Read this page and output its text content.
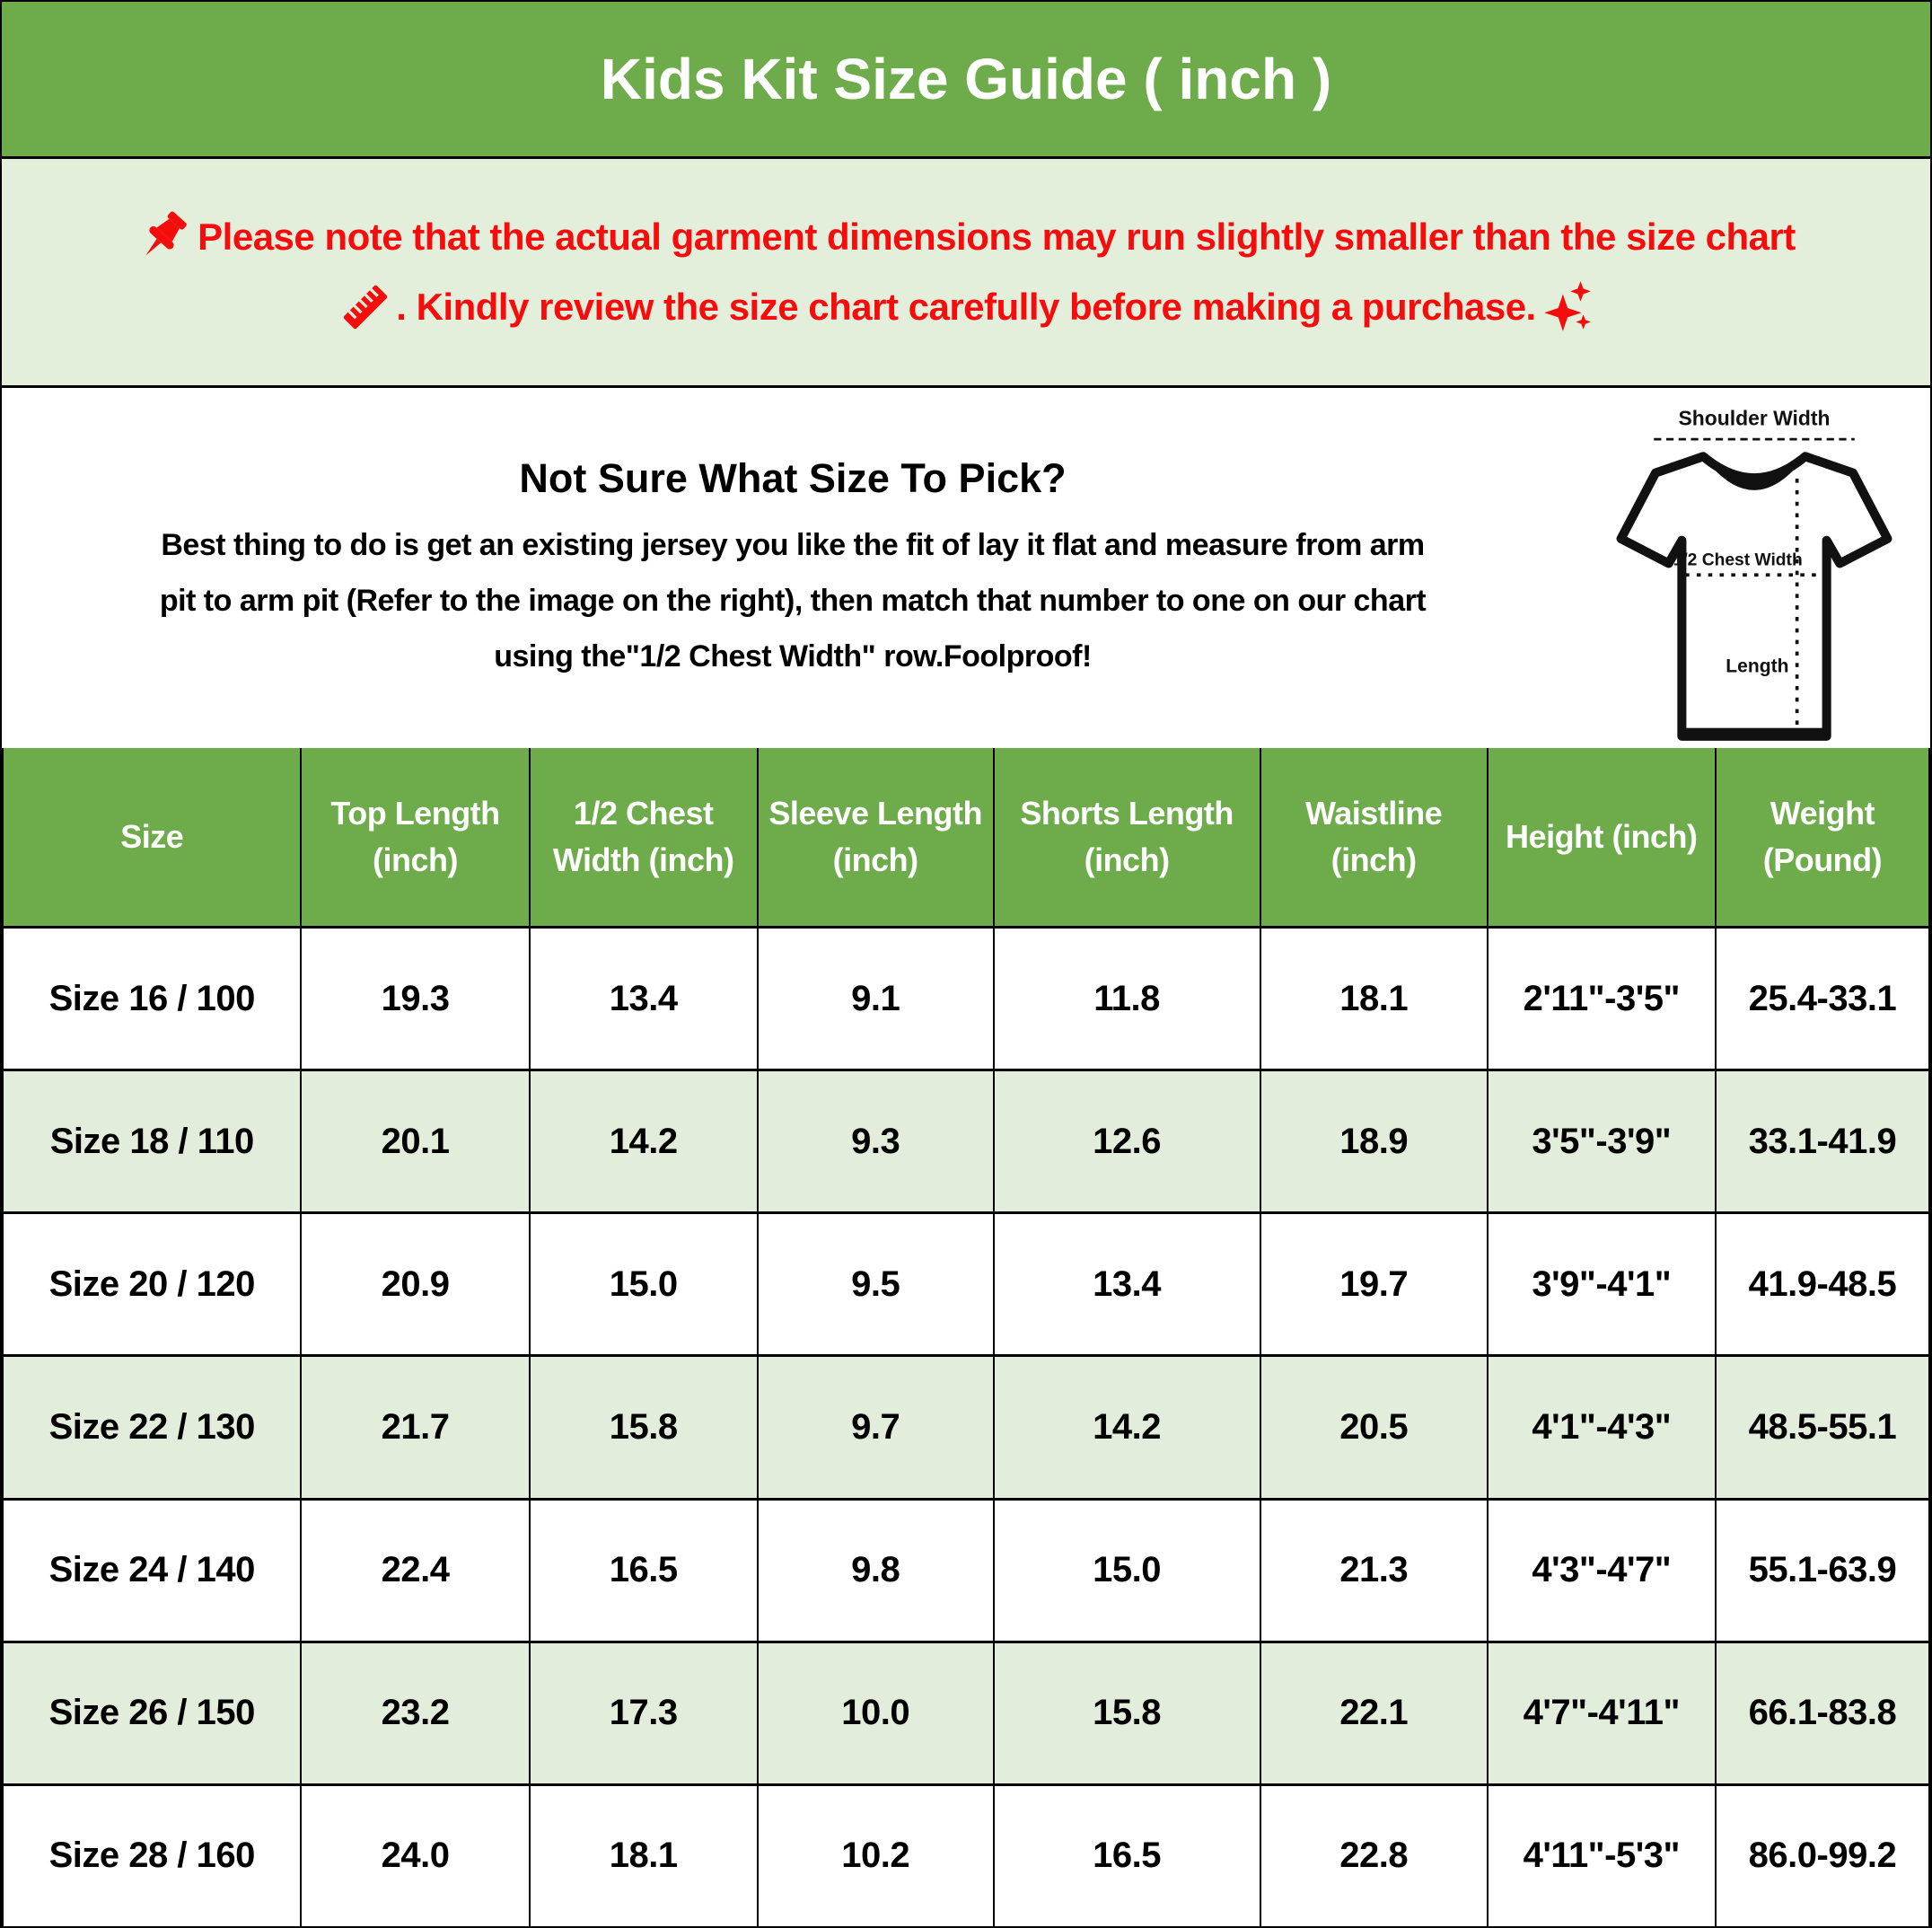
Kids Kit Size Guide ( inch )
Please note that the actual garment dimensions may run slightly smaller than the size chart
. Kindly review the size chart carefully before making a purchase.
Not Sure What Size To Pick?
Best thing to do is get an existing jersey you like the fit of lay it flat and measure from arm
pit to arm pit (Refer to the image on the right), then match that number to one on our chart
using the"1/2 Chest Width" row.Foolproof!
Shoulder Width
1/2 Chest Width
Length
Size	Top Length (inch)	1/2 Chest Width (inch)	Sleeve Length (inch)	Shorts Length (inch)	Waistline (inch)	Height (inch)	Weight (Pound)
Size 16 / 100	19.3	13.4	9.1	11.8	18.1	2'11"-3'5"	25.4-33.1
Size 18 / 110	20.1	14.2	9.3	12.6	18.9	3'5"-3'9"	33.1-41.9
Size 20 / 120	20.9	15.0	9.5	13.4	19.7	3'9"-4'1"	41.9-48.5
Size 22 / 130	21.7	15.8	9.7	14.2	20.5	4'1"-4'3"	48.5-55.1
Size 24 / 140	22.4	16.5	9.8	15.0	21.3	4'3"-4'7"	55.1-63.9
Size 26 / 150	23.2	17.3	10.0	15.8	22.1	4'7"-4'11"	66.1-83.8
Size 28 / 160	24.0	18.1	10.2	16.5	22.8	4'11"-5'3"	86.0-99.2
